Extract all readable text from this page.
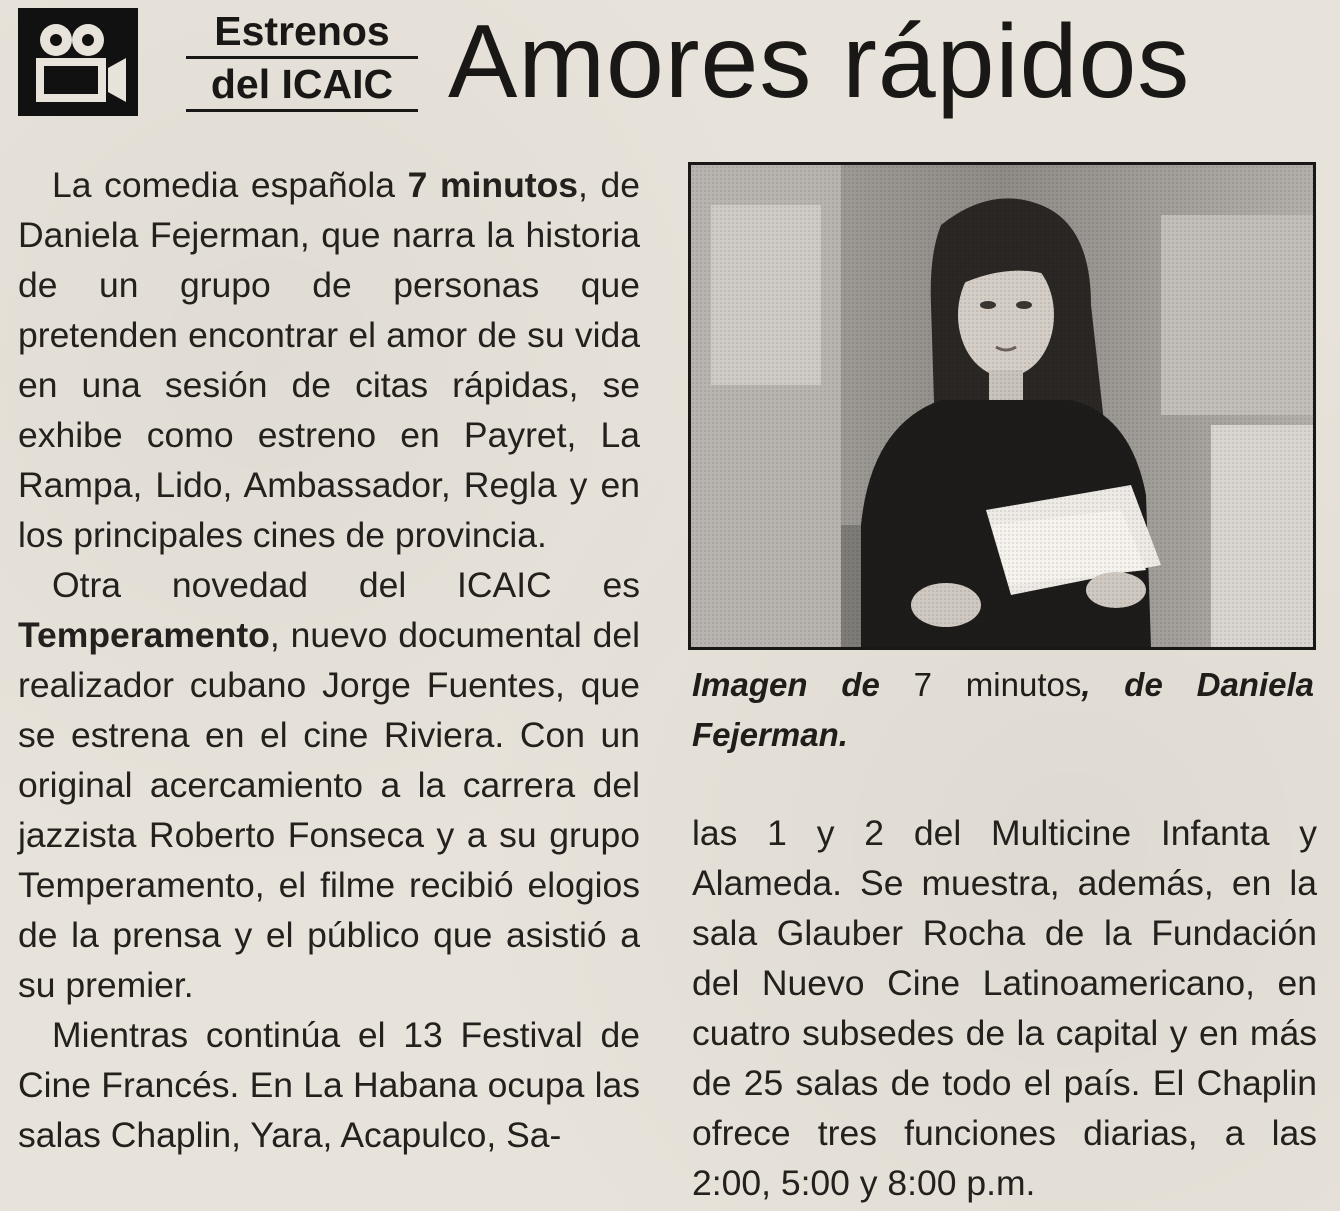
Estrenos
del ICAIC Amores rápidos

La comedia española 7 minutos, de Daniela Fejerman, que narra la historia de un grupo de personas que pretenden encontrar el amor de su vida en una sesión de citas rápidas, se exhibe como estreno en Payret, La Rampa, Lido, Ambassador, Regla y en los principales cines de provincia.

Otra novedad del ICAIC es Temperamento, nuevo documental del realizador cubano Jorge Fuentes, que se estrena en el cine Riviera. Con un original acercamiento a la carrera del jazzista Roberto Fonseca y a su grupo Temperamento, el filme recibió elogios de la prensa y el público que asistió a su premier.

Mientras continúa el 13 Festival de Cine Francés. En La Habana ocupa las salas Chaplin, Yara, Acapulco, Sa-

Imagen de 7 minutos, de Daniela Fejerman.

las 1 y 2 del Multicine Infanta y Alameda. Se muestra, además, en la sala Glauber Rocha de la Fundación del Nuevo Cine Latinoamericano, en cuatro subsedes de la capital y en más de 25 salas de todo el país. El Chaplin ofrece tres funciones diarias, a las 2:00, 5:00 y 8:00 p.m.
